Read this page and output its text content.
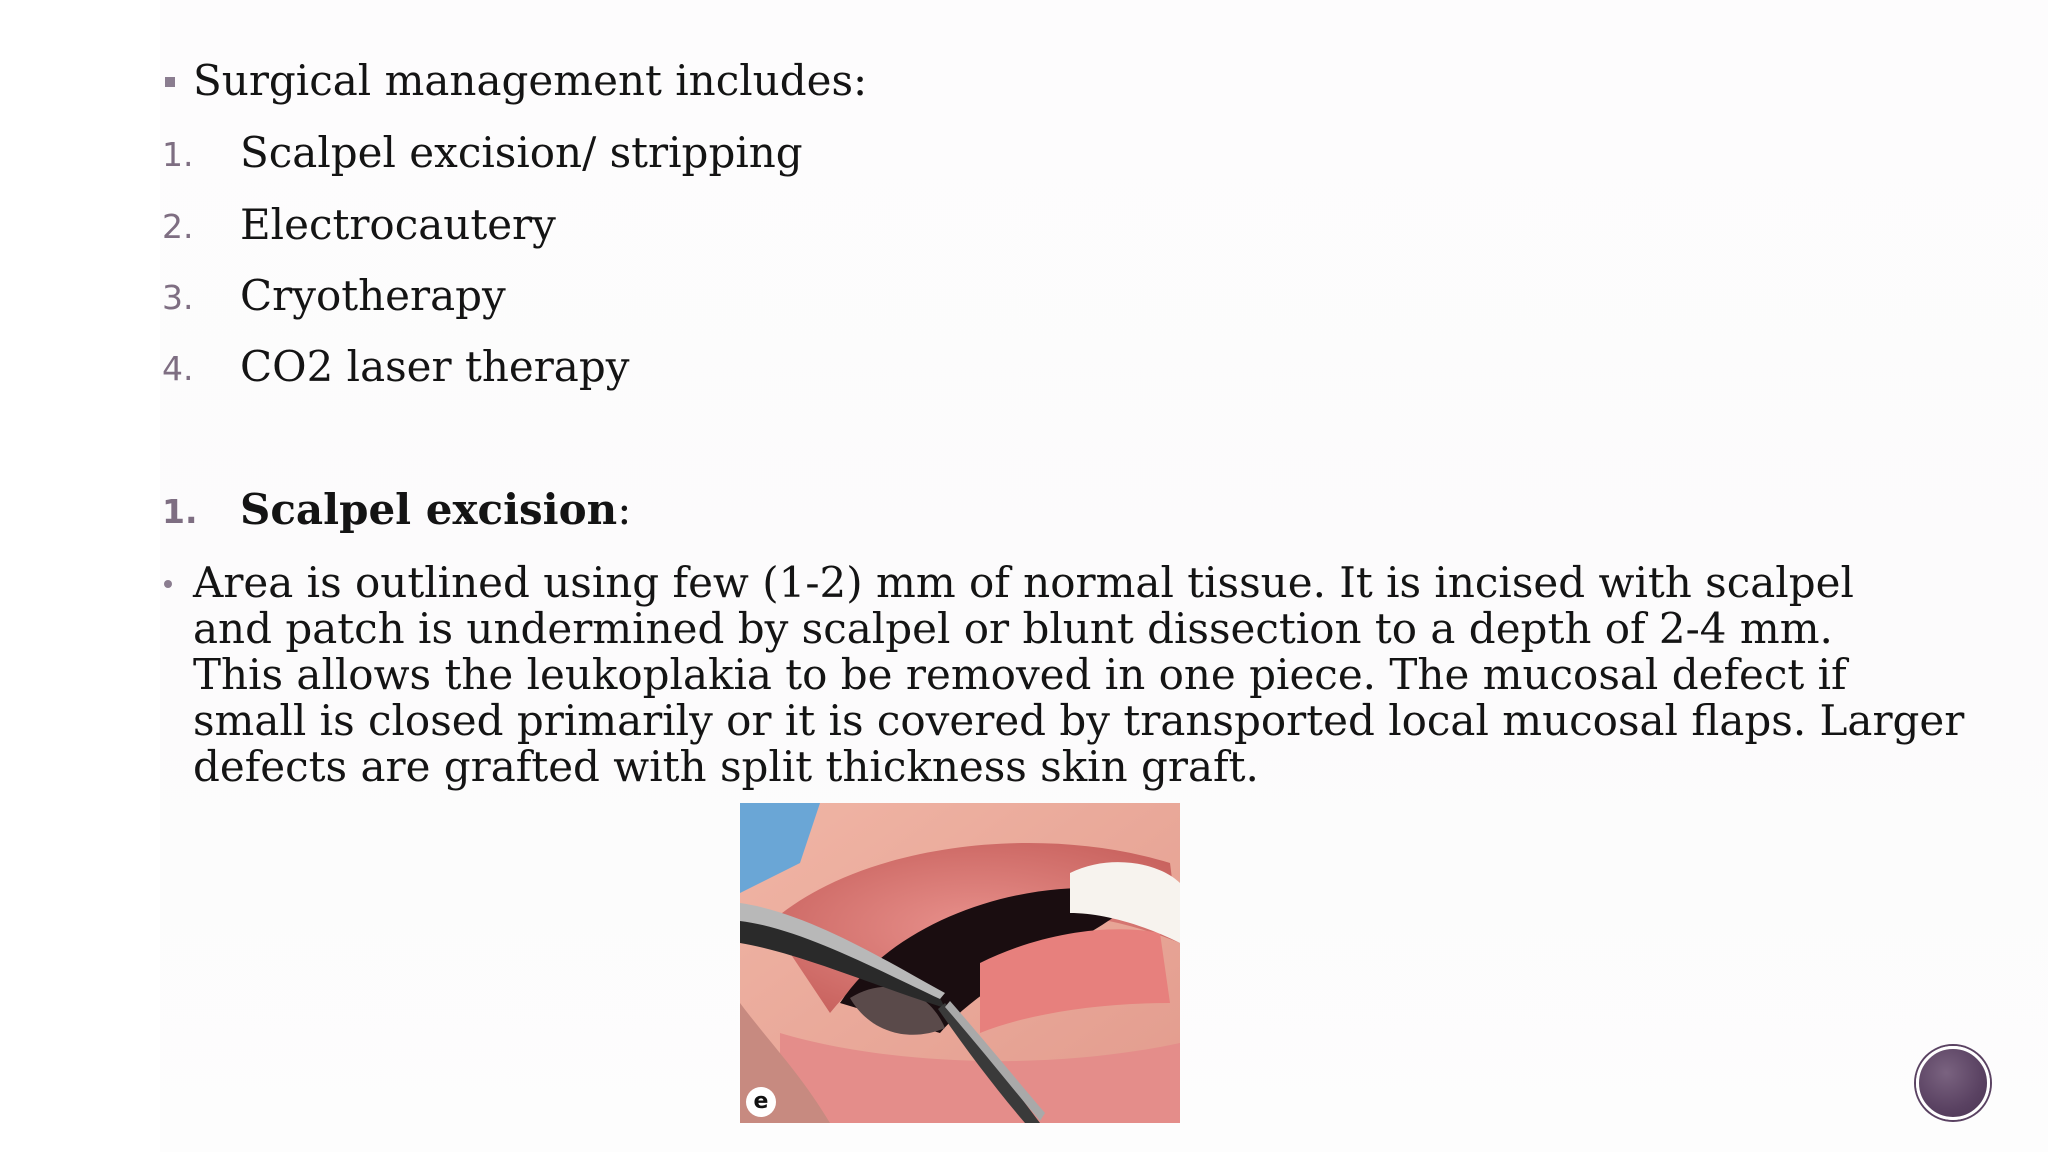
Surgical management includes:
1. Scalpel excision/ stripping
2. Electrocautery
3. Cryotherapy
4. CO2 laser therapy
1. Scalpel excision:
Area is outlined using few (1-2) mm of normal tissue. It is incised with scalpel
and patch is undermined by scalpel or blunt dissection to a depth of 2-4 mm.
This allows the leukoplakia to be removed in one piece. The mucosal defect if
small is closed primarily or it is covered by transported local mucosal flaps. Larger
defects are grafted with split thickness skin graft.
e
